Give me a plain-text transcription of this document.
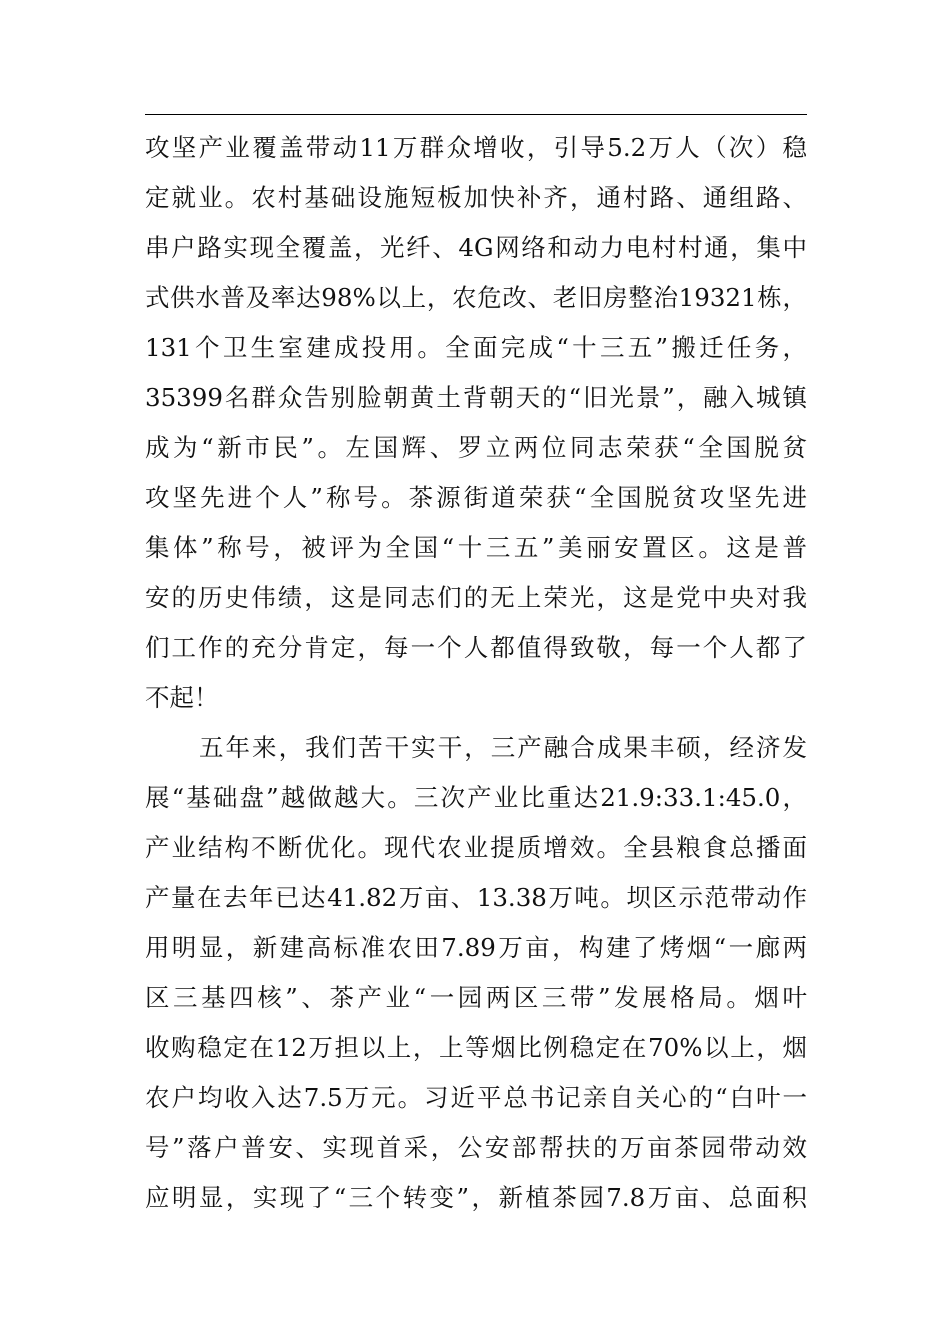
攻坚产业覆盖带动11万群众增收，引导5.2万人（次）稳
定就业。农村基础设施短板加快补齐，通村路、通组路、
串户路实现全覆盖，光纤、4G网络和动力电村村通，集中
式供水普及率达98%以上，农危改、老旧房整治19321栋，
131个卫生室建成投用。全面完成“十三五”搬迁任务，
35399名群众告别脸朝黄土背朝天的“旧光景”，融入城镇
成为“新市民”。左国辉、罗立两位同志荣获“全国脱贫
攻坚先进个人”称号。茶源街道荣获“全国脱贫攻坚先进
集体”称号，被评为全国“十三五”美丽安置区。这是普
安的历史伟绩，这是同志们的无上荣光，这是党中央对我
们工作的充分肯定，每一个人都值得致敬，每一个人都了
不起！
五年来，我们苦干实干，三产融合成果丰硕，经济发
展“基础盘”越做越大。三次产业比重达21.9:33.1:45.0，
产业结构不断优化。现代农业提质增效。全县粮食总播面
产量在去年已达41.82万亩、13.38万吨。坝区示范带动作
用明显，新建高标准农田7.89万亩，构建了烤烟“一廊两
区三基四核”、茶产业“一园两区三带”发展格局。烟叶
收购稳定在12万担以上，上等烟比例稳定在70%以上，烟
农户均收入达7.5万元。习近平总书记亲自关心的“白叶一
号”落户普安、实现首采，公安部帮扶的万亩茶园带动效
应明显，实现了“三个转变”，新植茶园7.8万亩、总面积
